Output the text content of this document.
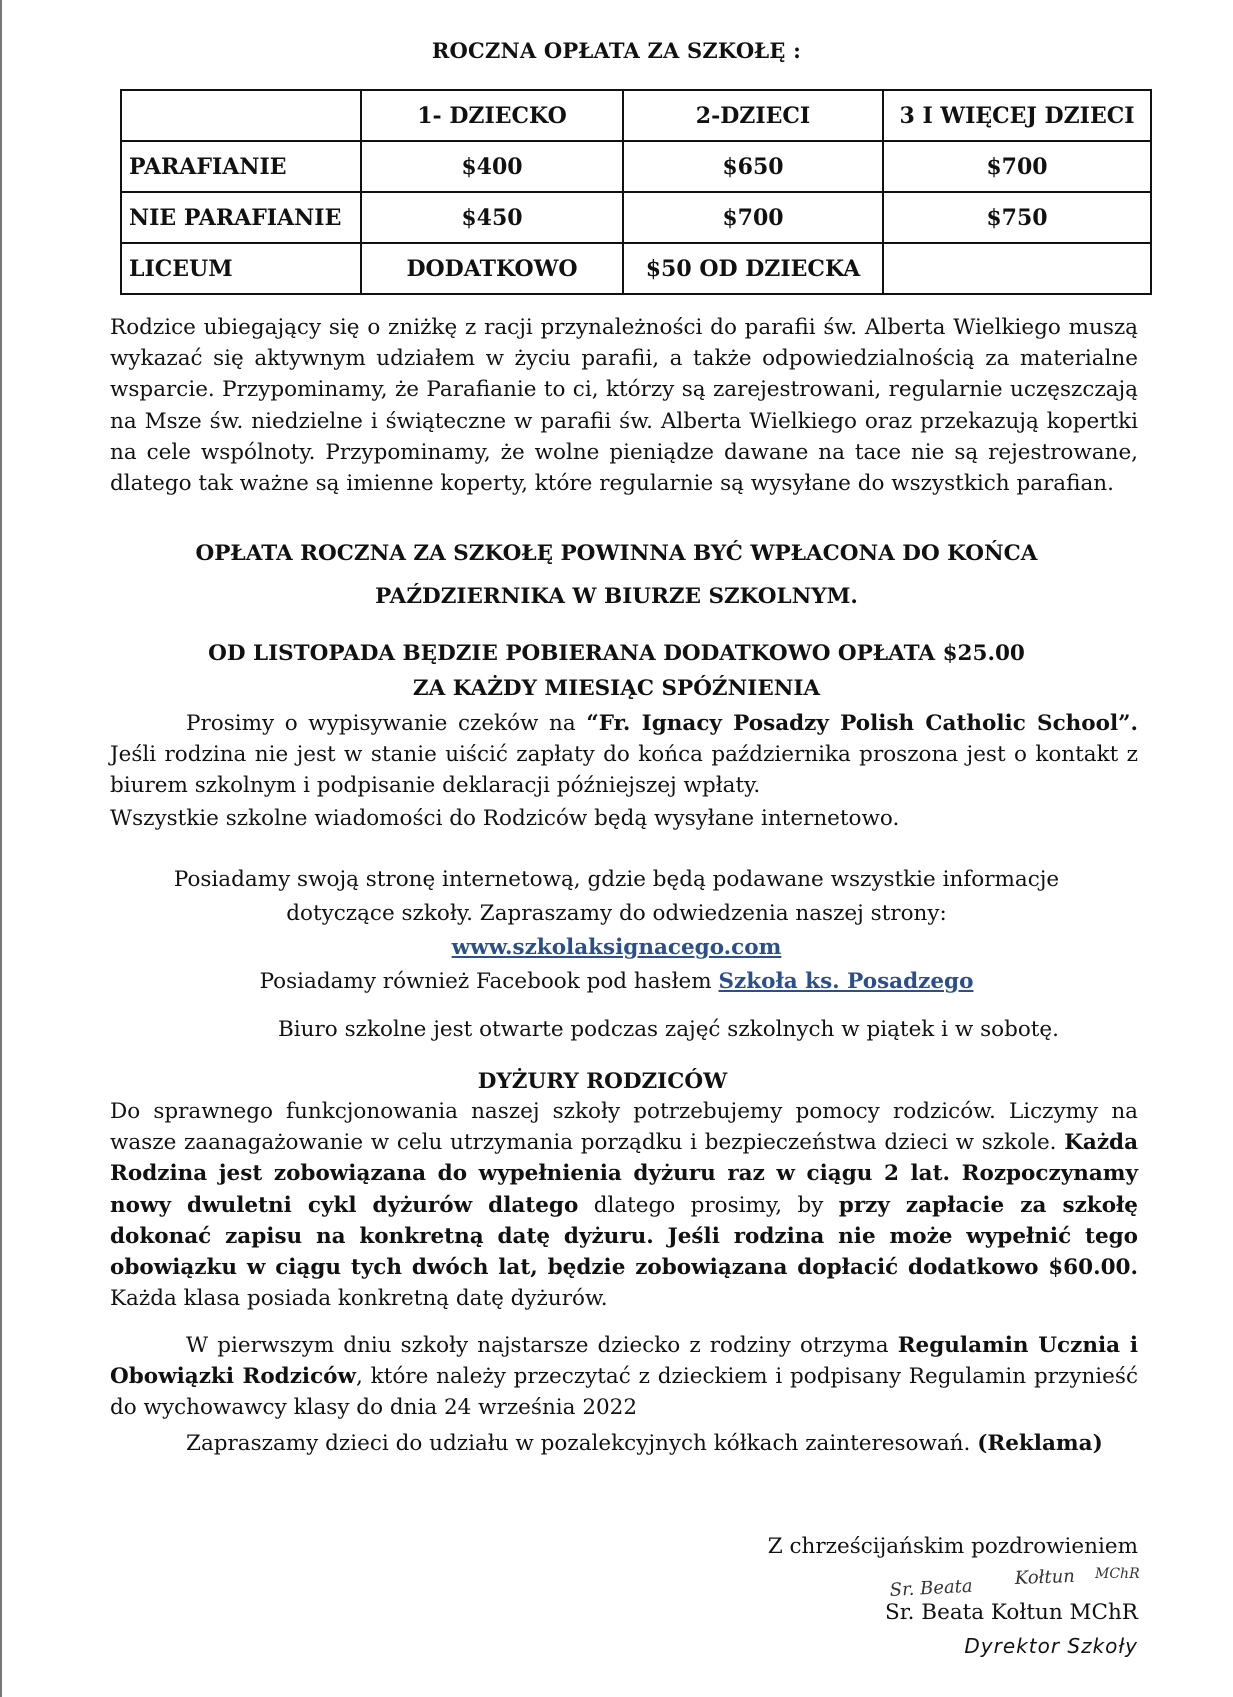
ROCZNA OPŁATA ZA SZKOŁĘ :
	1- DZIECKO	2-DZIECI	3 I WIĘCEJ DZIECI
PARAFIANIE	$400	$650	$700
NIE PARAFIANIE	$450	$700	$750
LICEUM	DODATKOWO	$50 OD DZIECKA	
Rodzice ubiegający się o zniżkę z racji przynależności do parafii św. Alberta Wielkiego muszą wykazać się aktywnym udziałem w życiu parafii, a także odpowiedzialnością za materialne wsparcie. Przypominamy, że Parafianie to ci, którzy są zarejestrowani, regularnie uczęszczają na Msze św. niedzielne i świąteczne w parafii św. Alberta Wielkiego oraz przekazują kopertki na cele wspólnoty. Przypominamy, że wolne pieniądze dawane na tace nie są rejestrowane, dlatego tak ważne są imienne koperty, które regularnie są wysyłane do wszystkich parafian.
OPŁATA ROCZNA ZA SZKOŁĘ POWINNA BYĆ WPŁACONA DO KOŃCA
PAŹDZIERNIKA W BIURZE SZKOLNYM.
OD LISTOPADA BĘDZIE POBIERANA DODATKOWO OPŁATA $25.00
ZA KAŻDY MIESIĄC SPÓŹNIENIA
Prosimy o wypisywanie czeków na “Fr. Ignacy Posadzy Polish Catholic School”. Jeśli rodzina nie jest w stanie uiścić zapłaty do końca października proszona jest o kontakt z biurem szkolnym i podpisanie deklaracji późniejszej wpłaty.
Wszystkie szkolne wiadomości do Rodziców będą wysyłane internetowo.
Posiadamy swoją stronę internetową, gdzie będą podawane wszystkie informacje
dotyczące szkoły. Zapraszamy do odwiedzenia naszej strony:
www.szkolaksignacego.com
Posiadamy również Facebook pod hasłem Szkoła ks. Posadzego
Biuro szkolne jest otwarte podczas zajęć szkolnych w piątek i w sobotę.
DYŻURY RODZICÓW
Do sprawnego funkcjonowania naszej szkoły potrzebujemy pomocy rodziców. Liczymy na wasze zaanagażowanie w celu utrzymania porządku i bezpieczeństwa dzieci w szkole. Każda Rodzina jest zobowiązana do wypełnienia dyżuru raz w ciągu 2 lat. Rozpoczynamy nowy dwuletni cykl dyżurów dlatego dlatego prosimy, by przy zapłacie za szkołę dokonać zapisu na konkretną datę dyżuru. Jeśli rodzina nie może wypełnić tego obowiązku w ciągu tych dwóch lat, będzie zobowiązana dopłacić dodatkowo $60.00. Każda klasa posiada konkretną datę dyżurów.
W pierwszym dniu szkoły najstarsze dziecko z rodziny otrzyma Regulamin Ucznia i Obowiązki Rodziców, które należy przeczytać z dzieckiem i podpisany Regulamin przynieść do wychowawcy klasy do dnia 24 września 2022
Zapraszamy dzieci do udziału w pozalekcyjnych kółkach zainteresowań. (Reklama)
Z chrześcijańskim pozdrowieniem
Sr. Beata Kołtun MChR
Sr. Beata Kołtun MChR
Dyrektor Szkoły
